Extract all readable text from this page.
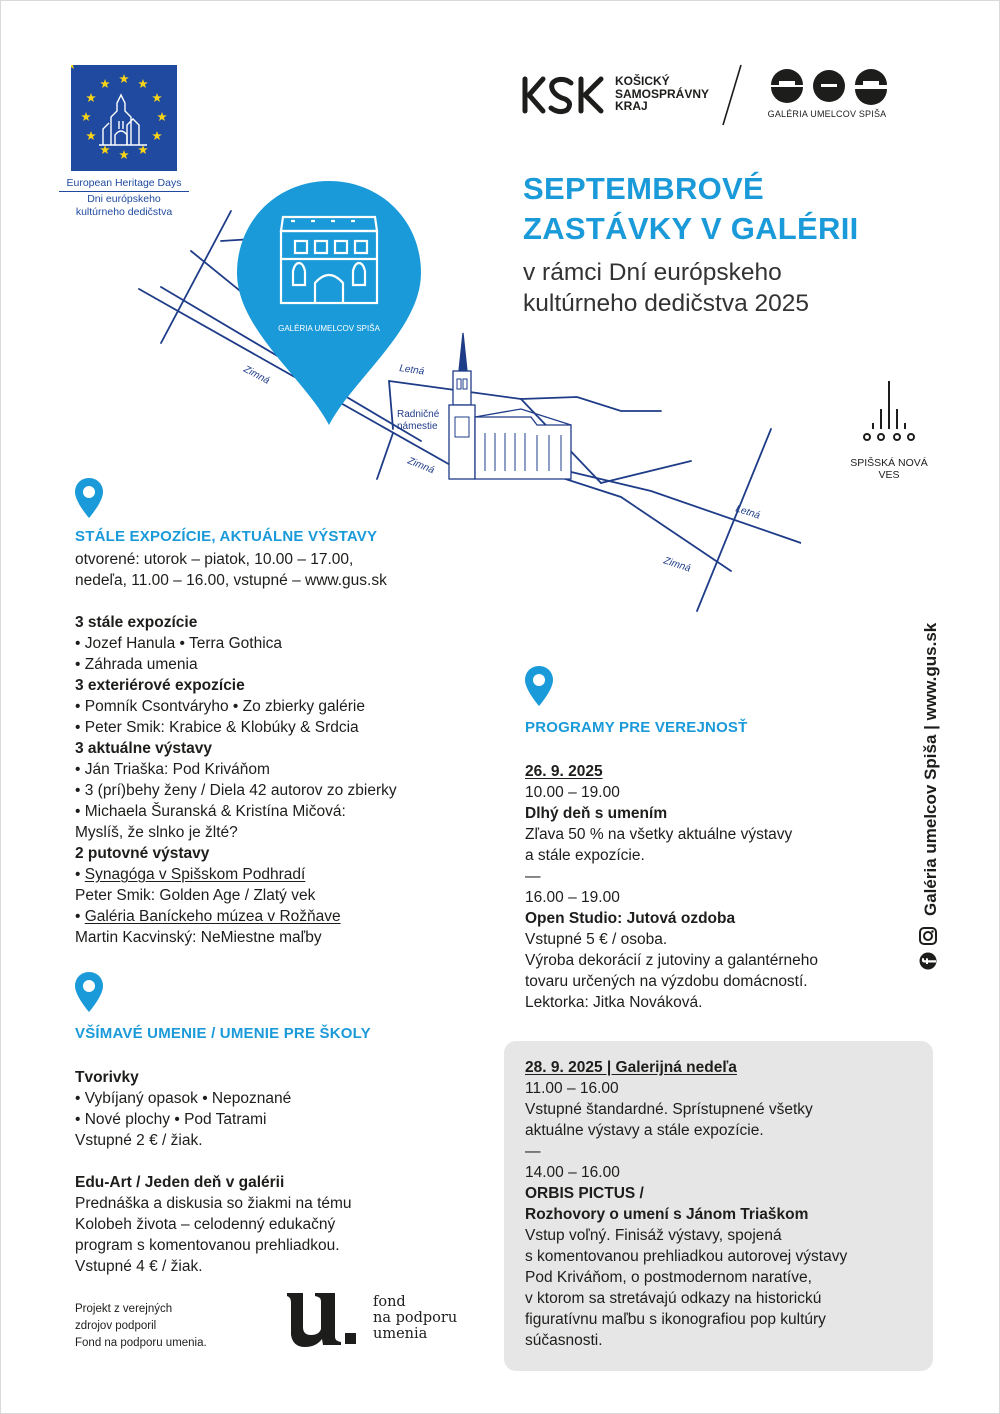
European Heritage Days
Dni európskeho
kultúrneho dedičstva
KOŠICKÝ
SAMOSPRÁVNY
KRAJ
GALÉRIA UMELCOV SPIŠA
SEPTEMBROVÉ
ZASTÁVKY V GALÉRII
v rámci Dní európskeho
kultúrneho dedičstva 2025
Zimná	Letná
Radničné
námestie
Zimná
Letná
Zimná
GALÉRIA UMELCOV SPIŠA
SPIŠSKÁ NOVÁ VES
STÁLE EXPOZÍCIE, AKTUÁLNE VÝSTAVY
otvorené: utorok – piatok, 10.00 – 17.00,
nedeľa, 11.00 – 16.00, vstupné – www.gus.sk
3 stále expozície
• Jozef Hanula • Terra Gothica
• Záhrada umenia
3 exteriérové expozície
• Pomník Csontváryho • Zo zbierky galérie
• Peter Smik: Krabice & Klobúky & Srdcia
3 aktuálne výstavy
• Ján Triaška: Pod Kriváňom
• 3 (prí)behy ženy / Diela 42 autorov zo zbierky
• Michaela Šuranská & Kristína Mičová:
Myslíš, že slnko je žlté?
2 putovné výstavy
• Synagóga v Spišskom Podhradí
Peter Smik: Golden Age / Zlatý vek
• Galéria Baníckeho múzea v Rožňave
Martin Kacvinský: NeMiestne maľby
VŠÍMAVÉ UMENIE / UMENIE PRE ŠKOLY
Tvorivky
• Vybíjaný opasok • Nepoznané
• Nové plochy • Pod Tatrami
Vstupné 2 € / žiak.
Edu-Art / Jeden deň v galérii
Prednáška a diskusia so žiakmi na tému
Kolobeh života – celodenný edukačný
program s komentovanou prehliadkou.
Vstupné 4 € / žiak.
PROGRAMY PRE VEREJNOSŤ
26. 9. 2025
10.00 – 19.00
Dlhý deň s umením
Zľava 50 % na všetky aktuálne výstavy
a stále expozície.
—
16.00 – 19.00
Open Studio: Jutová ozdoba
Vstupné 5 € / osoba.
Výroba dekorácií z jutoviny a galantérneho
tovaru určených na výzdobu domácností.
Lektorka: Jitka Nováková.
28. 9. 2025 | Galerijná nedeľa
11.00 – 16.00
Vstupné štandardné. Sprístupnené všetky
aktuálne výstavy a stále expozície.
—
14.00 – 16.00
ORBIS PICTUS /
Rozhovory o umení s Jánom Triaškom
Vstup voľný. Finisáž výstavy, spojená
s komentovanou prehliadkou autorovej výstavy
Pod Kriváňom, o postmodernom naratíve,
v ktorom sa stretávajú odkazy na historickú
figuratívnu maľbu s ikonografiou pop kultúry
súčasnosti.
Galéria umelcov Spiša | www.gus.sk
Projekt z verejných
zdrojov podporil
Fond na podporu umenia.
fond
na podporu
umenia
